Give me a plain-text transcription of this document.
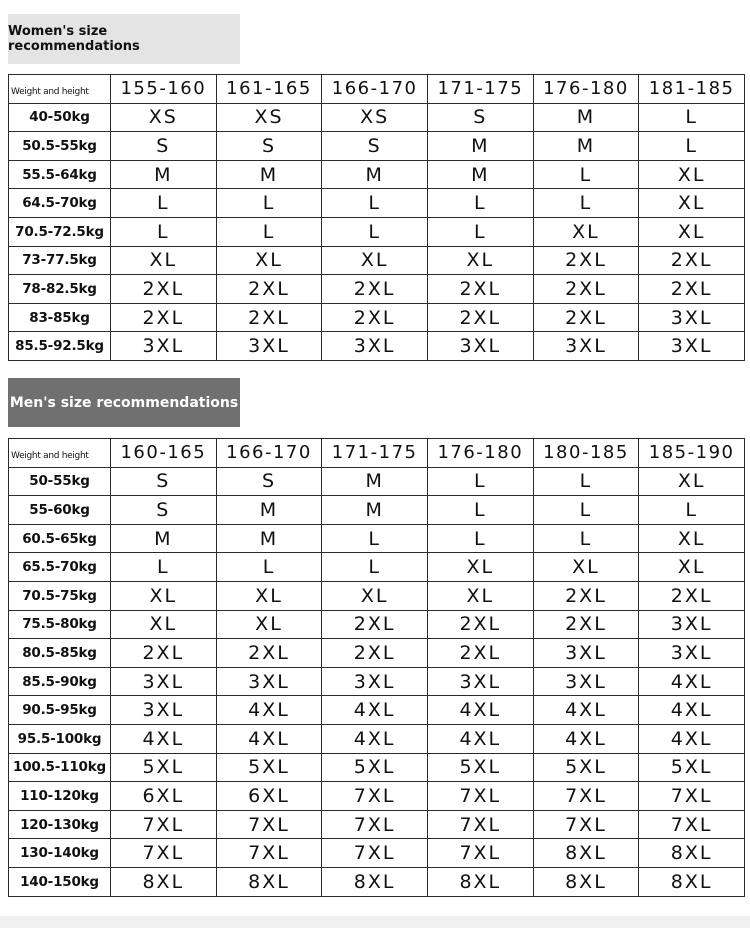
Women's size recommendations
Weight and height	155-160	161-165	166-170	171-175	176-180	181-185
40-50kg	XS	XS	XS	S	M	L
50.5-55kg	S	S	S	M	M	L
55.5-64kg	M	M	M	M	L	XL
64.5-70kg	L	L	L	L	L	XL
70.5-72.5kg	L	L	L	L	XL	XL
73-77.5kg	XL	XL	XL	XL	2XL	2XL
78-82.5kg	2XL	2XL	2XL	2XL	2XL	2XL
83-85kg	2XL	2XL	2XL	2XL	2XL	3XL
85.5-92.5kg	3XL	3XL	3XL	3XL	3XL	3XL
Men's size recommendations
Weight and height	160-165	166-170	171-175	176-180	180-185	185-190
50-55kg	S	S	M	L	L	XL
55-60kg	S	M	M	L	L	L
60.5-65kg	M	M	L	L	L	XL
65.5-70kg	L	L	L	XL	XL	XL
70.5-75kg	XL	XL	XL	XL	2XL	2XL
75.5-80kg	XL	XL	2XL	2XL	2XL	3XL
80.5-85kg	2XL	2XL	2XL	2XL	3XL	3XL
85.5-90kg	3XL	3XL	3XL	3XL	3XL	4XL
90.5-95kg	3XL	4XL	4XL	4XL	4XL	4XL
95.5-100kg	4XL	4XL	4XL	4XL	4XL	4XL
100.5-110kg	5XL	5XL	5XL	5XL	5XL	5XL
110-120kg	6XL	6XL	7XL	7XL	7XL	7XL
120-130kg	7XL	7XL	7XL	7XL	7XL	7XL
130-140kg	7XL	7XL	7XL	7XL	8XL	8XL
140-150kg	8XL	8XL	8XL	8XL	8XL	8XL
